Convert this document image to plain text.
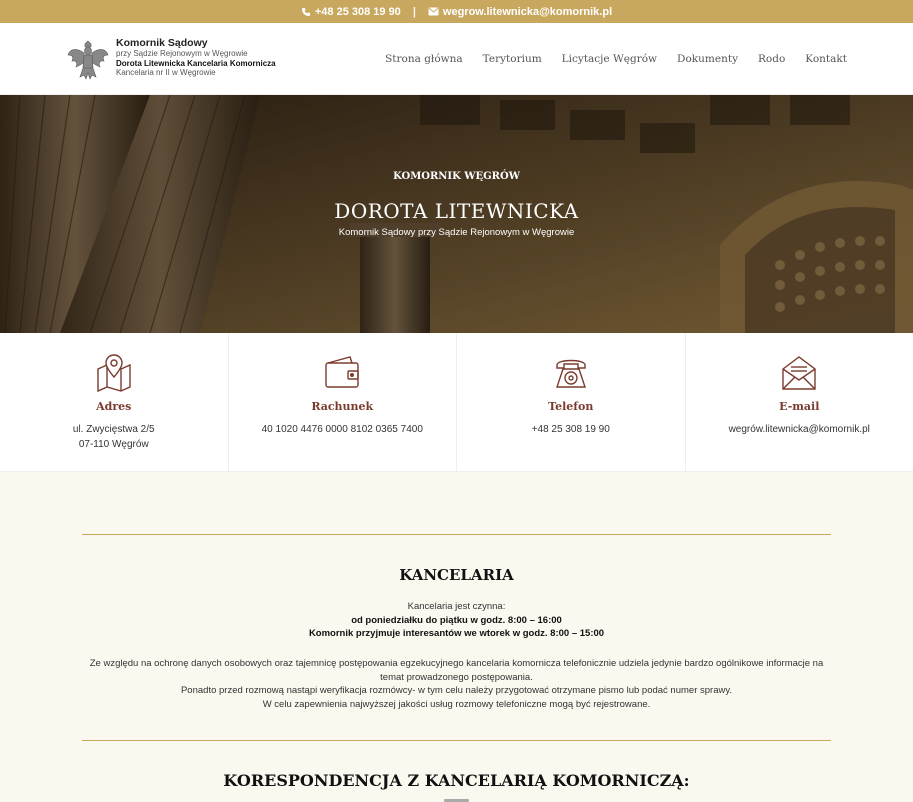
+48 25 308 19 90 | wegrow.litewnicka@komornik.pl
Komornik Sądowy
przy Sądzie Rejonowym w Węgrowie
Dorota Litewnicka Kancelaria Komornicza
Kancelaria nr II w Węgrowie
Strona główna Terytorium Licytacje Węgrów Dokumenty Rodo Kontakt
KOMORNIK WĘGRÓW
DOROTA LITEWNICKA
Komornik Sądowy przy Sądzie Rejonowym w Węgrowie
Adres
ul. Zwycięstwa 2/5
07-110 Węgrów
Rachunek
40 1020 4476 0000 8102 0365 7400
Telefon
+48 25 308 19 90
E-mail
wegrów.litewnicka@komornik.pl
KANCELARIA
Kancelaria jest czynna:
od poniedziałku do piątku w godz. 8:00 – 16:00
Komornik przyjmuje interesantów we wtorek w godz. 8:00 – 15:00
Ze względu na ochronę danych osobowych oraz tajemnicę postępowania egzekucyjnego kancelaria komornicza telefonicznie udziela jedynie bardzo ogólnikowe informacje na temat prowadzonego postępowania.
Ponadto przed rozmową nastąpi weryfikacja rozmówcy- w tym celu należy przygotować otrzymane pismo lub podać numer sprawy.
W celu zapewnienia najwyższej jakości usług rozmowy telefoniczne mogą być rejestrowane.
KORESPONDENCJA Z KANCELARIĄ KOMORNICZĄ:
